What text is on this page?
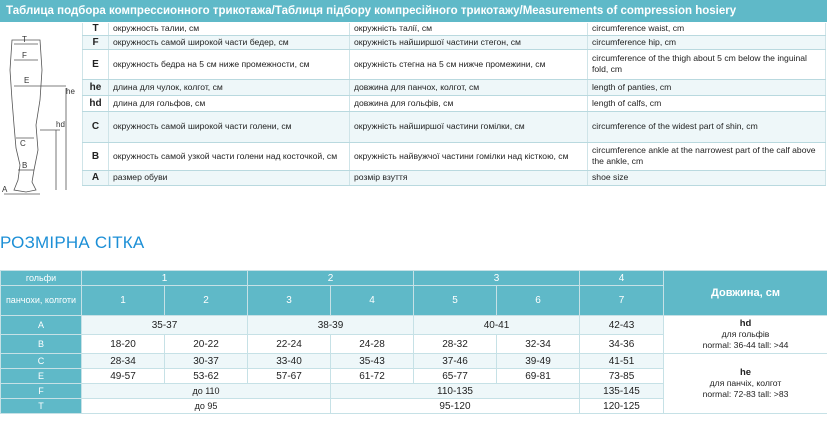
Таблица подбора компрессионного трикотажа/Таблиця підбору компресійного трикотажу/Measurements of compression hosiery
T
F
E
he
hd
C
B
A
T	окружность талии, см	окружність талії, см	circumference waist, cm
F	окружность самой широкой части бедер, см	окружність найширшої частини стегон, см	circumference hip, cm
E	окружность бедра на 5 см ниже промежности, см	окружність стегна на 5 см нижче промежини, см	circumference of the thigh about 5 cm below the inguinal fold, cm
he	длина для чулок, колгот, см	довжина для панчох, колгот, см	length of panties, cm
hd	длина для гольфов, см	довжина для гольфів, см	length of calfs, cm
C	окружность самой широкой части голени, см	окружність найширшої частини гомілки, см	circumference of the widest part of shin, cm
B	окружность самой узкой части голени над косточкой, см	окружність найвужчої частини гомілки над кісткою, см	circumference ankle at the narrowest part of the calf above the ankle, cm
A	размер обуви	розмір взуття	shoe size
РОЗМІРНА СІТКА
гольфи	1		2		3		4	Довжина, см
панчохи, колготи	1	2	3	4	5	6	7	
A	35-37		38-39		40-41		42-43	hd
для гольфів
normal: 36-44 tall: >44
B	18-20	20-22	22-24	24-28	28-32	32-34	34-36	
C	28-34	30-37	33-40	35-43	37-46	39-49	41-51	he
для панчіх, колгот
normal: 72-83 tall: >83
E	49-57	53-62	57-67	61-72	65-77	69-81	73-85	
F	до 110			110-135			135-145	
T	до 95			95-120			120-125	
